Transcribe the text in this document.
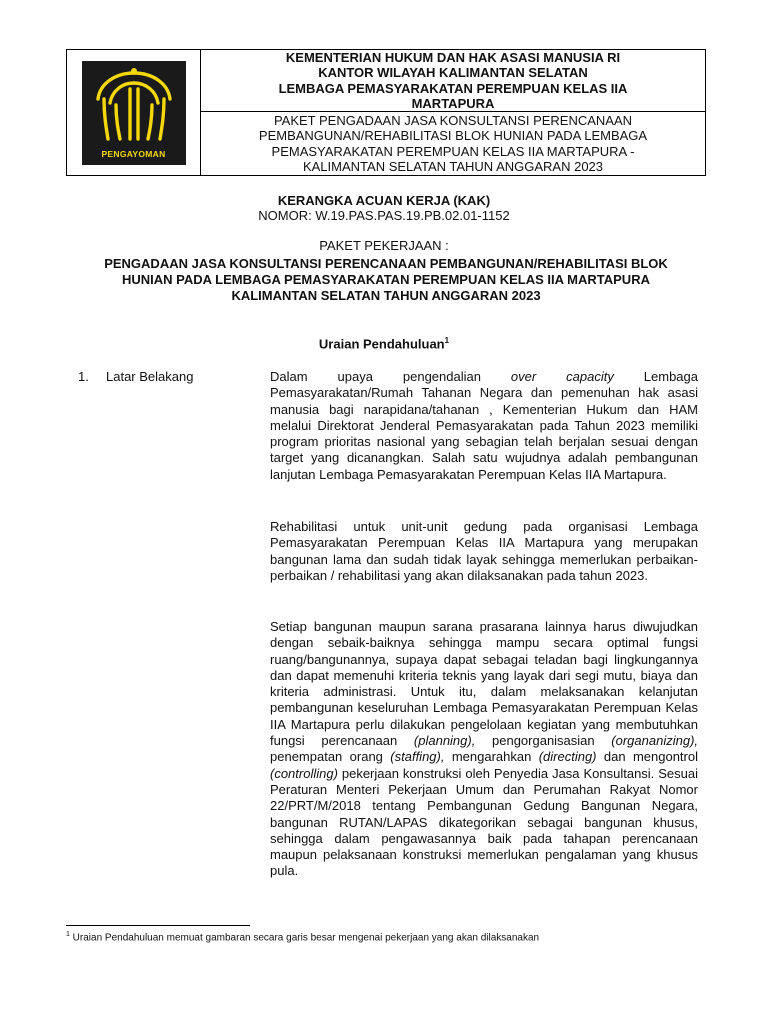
PENGAYOMAN
KEMENTERIAN HUKUM DAN HAK ASASI MANUSIA RI
KANTOR WILAYAH KALIMANTAN SELATAN
LEMBAGA PEMASYARAKATAN PEREMPUAN KELAS IIA
MARTAPURA
PAKET PENGADAAN JASA KONSULTANSI PERENCANAAN
PEMBANGUNAN/REHABILITASI BLOK HUNIAN PADA LEMBAGA
PEMASYARAKATAN PEREMPUAN KELAS IIA MARTAPURA -
KALIMANTAN SELATAN TAHUN ANGGARAN 2023
KERANGKA ACUAN KERJA (KAK)
NOMOR: W.19.PAS.PAS.19.PB.02.01-1152
PAKET PEKERJAAN :
PENGADAAN JASA KONSULTANSI PERENCANAAN PEMBANGUNAN/REHABILITASI BLOK
HUNIAN PADA LEMBAGA PEMASYARAKATAN PEREMPUAN KELAS IIA MARTAPURA
KALIMANTAN SELATAN TAHUN ANGGARAN 2023
Uraian Pendahuluan$^1$
1. Latar Belakang	Dalam upaya pengendalian over capacity Lembaga Pemasyarakatan/Rumah Tahanan Negara dan pemenuhan hak asasi manusia bagi narapidana/tahanan , Kementerian Hukum dan HAM melalui Direktorat Jenderal Pemasyarakatan pada Tahun 2023 memiliki program prioritas nasional yang sebagian telah berjalan sesuai dengan target yang dicanangkan. Salah satu wujudnya adalah pembangunan lanjutan Lembaga Pemasyarakatan Perempuan Kelas IIA Martapura.

Rehabilitasi untuk unit-unit gedung pada organisasi Lembaga Pemasyarakatan Perempuan Kelas IIA Martapura yang merupakan bangunan lama dan sudah tidak layak sehingga memerlukan perbaikan-perbaikan / rehabilitasi yang akan dilaksanakan pada tahun 2023.

Setiap bangunan maupun sarana prasarana lainnya harus diwujudkan dengan sebaik-baiknya sehingga mampu secara optimal fungsi ruang/bangunannya, supaya dapat sebagai teladan bagi lingkungannya dan dapat memenuhi kriteria teknis yang layak dari segi mutu, biaya dan kriteria administrasi. Untuk itu, dalam melaksanakan kelanjutan pembangunan keseluruhan Lembaga Pemasyarakatan Perempuan Kelas IIA Martapura perlu dilakukan pengelolaan kegiatan yang membutuhkan fungsi perencanaan (planning), pengorganisasian (organanizing), penempatan orang (staffing), mengarahkan (directing) dan mengontrol (controlling) pekerjaan konstruksi oleh Penyedia Jasa Konsultansi. Sesuai Peraturan Menteri Pekerjaan Umum dan Perumahan Rakyat Nomor 22/PRT/M/2018 tentang Pembangunan Gedung Bangunan Negara, bangunan RUTAN/LAPAS dikategorikan sebagai bangunan khusus, sehingga dalam pengawasannya baik pada tahapan perencanaan maupun pelaksanaan konstruksi memerlukan pengalaman yang khusus pula.

$^1$ Uraian Pendahuluan memuat gambaran secara garis besar mengenai pekerjaan yang akan dilaksanakan
